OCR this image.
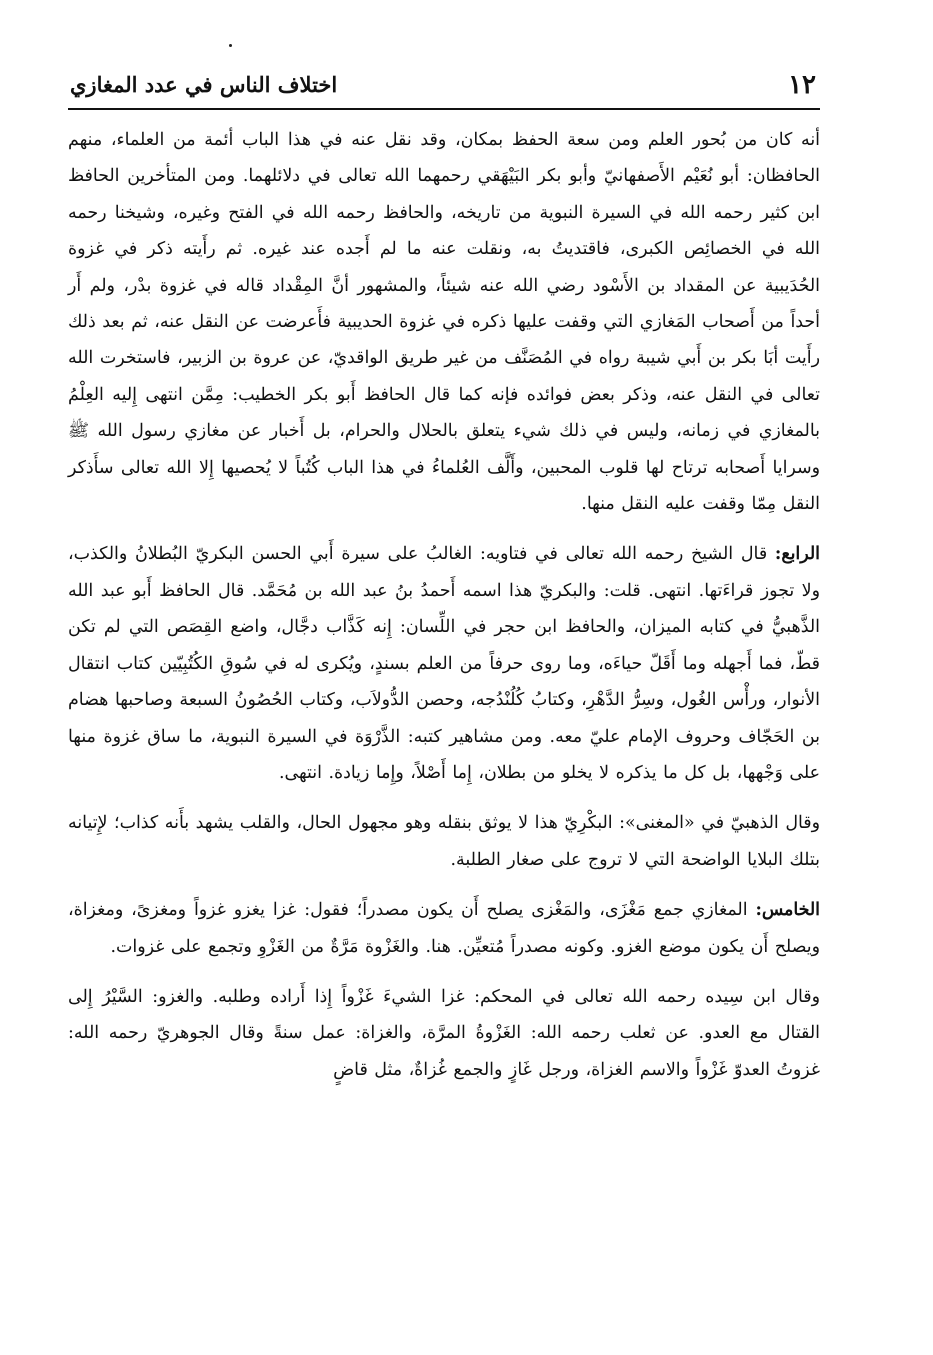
١٢
اختلاف الناس في عدد المغازي

أنه كان من بُحور العلم ومن سعة الحفظ بمكان، وقد نقل عنه في هذا الباب أئمة من العلماء، منهم الحافظان: أبو نُعَيْم الأَصفهانيّ وأبو بكر البَيْهَقي رحمهما الله تعالى في دلائلهما. ومن المتأخرين الحافظ ابن كثير رحمه الله في السيرة النبوية من تاريخه، والحافظ رحمه الله في الفتح وغيره، وشيخنا رحمه الله في الخصائِص الكبرى، فاقتديتُ به، ونقلت عنه ما لم أَجده عند غيره. ثم رأَيته ذكر في غزوة الحُدَيبية عن المقداد بن الأَسْود رضي الله عنه شيئاً، والمشهور أنَّ المِقْداد قاله في غزوة بدْر، ولم أَر أحداً من أَصحاب المَغازي التي وقفت عليها ذكره في غزوة الحديبية فأَعرضت عن النقل عنه، ثم بعد ذلك رأَيت أبَا بكر بن أَبي شيبة رواه في المُصَنَّف من غير طريق الواقديّ، عن عروة بن الزبير، فاستخرت الله تعالى في النقل عنه، وذكر بعض فوائده فإنه كما قال الحافظ أَبو بكر الخطيب: مِمَّن انتهى إِليه العِلْمُ بالمغازي في زمانه، وليس في ذلك شيء يتعلق بالحلال والحرام، بل أَخبار عن مغازي رسول الله ﷺ وسرايا أَصحابه ترتاح لها قلوب المحبين، وأَلَّف العُلماءُ في هذا الباب كُتُباً لا يُحصيها إِلا الله تعالى سأَذكر النقل مِمّا وقفت عليه النقل منها.

الرابع: قال الشيخ رحمه الله تعالى في فتاويه: الغالبُ على سيرة أَبي الحسن البكريّ البُطلانُ والكذب، ولا تجوز قراءَتها. انتهى. قلت: والبكريّ هذا اسمه أَحمدُ بنُ عبد الله بن مُحَمَّد. قال الحافظ أَبو عبد الله الذَّهبيُّ في كتابه الميزان، والحافظ ابن حجر في اللِّسان: إِنه كَذَّاب دجَّال، واضع القِصَص التي لم تكن قطّ، فما أَجهله وما أَقَلّ حياءَه، وما روى حرفاً من العلم بسندٍ، ويُكرى له في سُوقِ الكُتُبِيّين كتاب انتقال الأنوار، ورأْس الغُول، وسِرُّ الدَّهْرِ، وكتابُ كُلُنْدُجه، وحصن الدُّولاَب، وكتاب الحُصُونُ السبعة وصاحبها هضام بن الحَجّاف وحروف الإمام عليّ معه. ومن مشاهير كتبه: الذَّرْوَة في السيرة النبوية، ما ساق غزوة منها على وَجْهها، بل كل ما يذكره لا يخلو من بطلان، إِما أَصْلاً، وإِما زيادة. انتهى.

وقال الذهبيّ في «المغنى»: البكْرِيّ هذا لا يوثق بنقله وهو مجهول الحال، والقلب يشهد بأَنه كذاب؛ لإِتيانه بتلك البلايا الواضحة التي لا تروج على صغار الطلبة.

الخامس: المغازي جمع مَغْزَى، والمَغْزى يصلح أَن يكون مصدراً؛ فقول: غزا يغزو غزواً ومغزىً، ومغزاة، ويصلح أَن يكون موضع الغزو. وكونه مصدراً مُتعيِّن. هنا. والغَزْوة مَرَّةٌ من الغَزْوِ وتجمع على غزوات.

وقال ابن سِيده رحمه الله تعالى في المحكم: غزا الشيءَ غَزْواً إِذا أَراده وطلبه. والغزو: السَّيْرُ إِلى القتال مع العدو. عن ثعلب رحمه الله: الغَزْوةُ المرَّة، والغزاة: عمل سنةً وقال الجوهريّ رحمه الله: غزوتُ العدوّ غَزْواً والاسم الغزاة، ورجل غَازٍ والجمع غُزاةٌ، مثل قاضٍ
